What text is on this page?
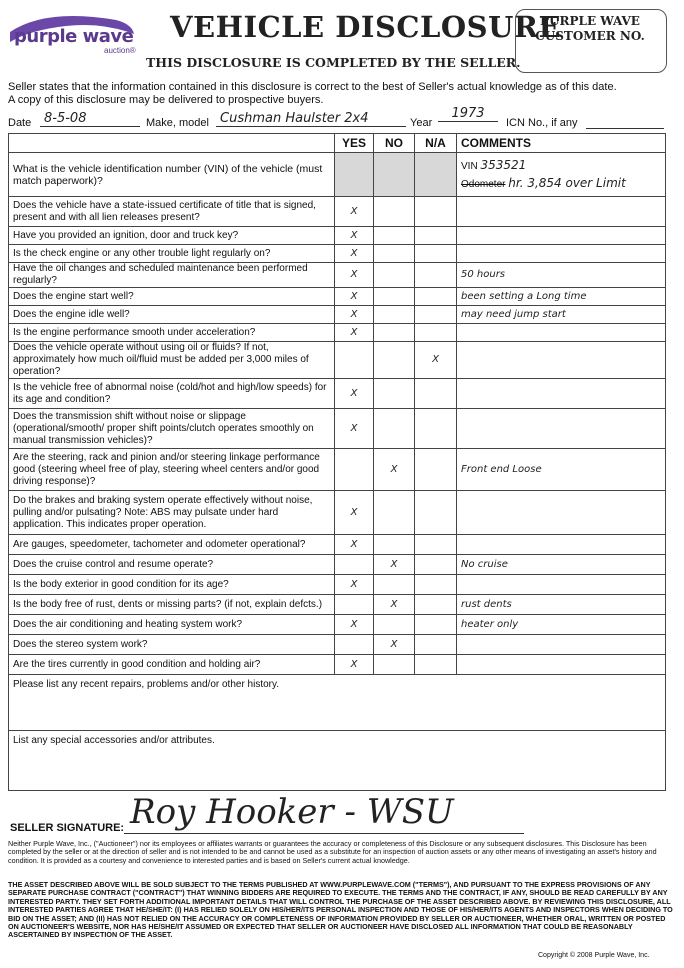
purple wave
auction®
VEHICLE DISCLOSURE
THIS DISCLOSURE IS COMPLETED BY THE SELLER.
PURPLE WAVE
CUSTOMER NO.
Seller states that the information contained in this disclosure is correct to the best of Seller's actual knowledge as of this date.
A copy of this disclosure may be delivered to prospective buyers.
Date 8-5-08	Make, model Cushman Haulster 2x4	Year
1973
ICN No., if any
	YES	NO	N/A	COMMENTS
What is the vehicle identification number (VIN) of the vehicle (must match paperwork)?				VIN 353521
Odometer hr. 3,854 over Limit

Does the vehicle have a state-issued certificate of title that is signed, present and with all lien releases present?	X			
Have you provided an ignition, door and truck key?	X			
Is the check engine or any other trouble light regularly on?	X			
Have the oil changes and scheduled maintenance been performed regularly?	X			50 hours
Does the engine start well?	X			been setting a Long time
Does the engine idle well?	X			may need jump start
Is the engine performance smooth under acceleration?	X			
Does the vehicle operate without using oil or fluids? If not, approximately how much oil/fluid must be added per 3,000 miles of operation?			X	
Is the vehicle free of abnormal noise (cold/hot and high/low speeds) for its age and condition?	X			
Does the transmission shift without noise or slippage (operational/smooth/ proper shift points/clutch operates smoothly on manual transmission vehicles)?	X			
Are the steering, rack and pinion and/or steering linkage performance good (steering wheel free of play, steering wheel centers and/or good driving response)?		X		Front end Loose
Do the brakes and braking system operate effectively without noise, pulling and/or pulsating? Note: ABS may pulsate under hard application. This indicates proper operation.	X			
Are gauges, speedometer, tachometer and odometer operational?	X			
Does the cruise control and resume operate?		X		No cruise
Is the body exterior in good condition for its age?	X			
Is the body free of rust, dents or missing parts? (if not, explain defcts.)		X		rust dents
Does the air conditioning and heating system work?	X			heater only
Does the stereo system work?		X		
Are the tires currently in good condition and holding air?	X			
Please list any recent repairs, problems and/or other history.				
List any special accessories and/or attributes.				
Roy Hooker - WSU
SELLER SIGNATURE:
Neither Purple Wave, Inc., ("Auctioneer") nor its employees or affiliates warrants or guarantees the accuracy or completeness of this Disclosure or any subsequent disclosures. This Disclosure has been completed by the seller or at the direction of seller and is not intended to be and cannot be used as a substitute for an inspection of auction assets or any other means of investigating an asset's history and condition. It is provided as a courtesy and convenience to interested parties and is based on Seller's current actual knowledge.
THE ASSET DESCRIBED ABOVE WILL BE SOLD SUBJECT TO THE TERMS PUBLISHED AT WWW.PURPLEWAVE.COM ("TERMS"), AND PURSUANT TO THE EXPRESS PROVISIONS OF ANY SEPARATE PURCHASE CONTRACT ("CONTRACT") THAT WINNING BIDDERS ARE REQUIRED TO EXECUTE. THE TERMS AND THE CONTRACT, IF ANY, SHOULD BE READ CAREFULLY BY ANY INTERESTED PARTY. THEY SET FORTH ADDITIONAL IMPORTANT DETAILS THAT WILL CONTROL THE PURCHASE OF THE ASSET DESCRIBED ABOVE. BY REVIEWING THIS DISCLOSURE, ALL INTERESTED PARTIES AGREE THAT HE/SHE/IT: (I) HAS RELIED SOLELY ON HIS/HER/ITS PERSONAL INSPECTION AND THOSE OF HIS/HER/ITS AGENTS AND INSPECTORS WHEN DECIDING TO BID ON THE ASSET; AND (II) HAS NOT RELIED ON THE ACCURACY OR COMPLETENESS OF INFORMATION PROVIDED BY SELLER OR AUCTIONEER, WHETHER ORAL, WRITTEN OR POSTED ON AUCTIONEER'S WEBSITE, NOR HAS HE/SHE/IT ASSUMED OR EXPECTED THAT SELLER OR AUCTIONEER HAVE DISCLOSED ALL INFORMATION THAT COULD BE REASONABLY ASCERTAINED BY INSPECTION OF THE ASSET.
Copyright © 2008 Purple Wave, Inc.
